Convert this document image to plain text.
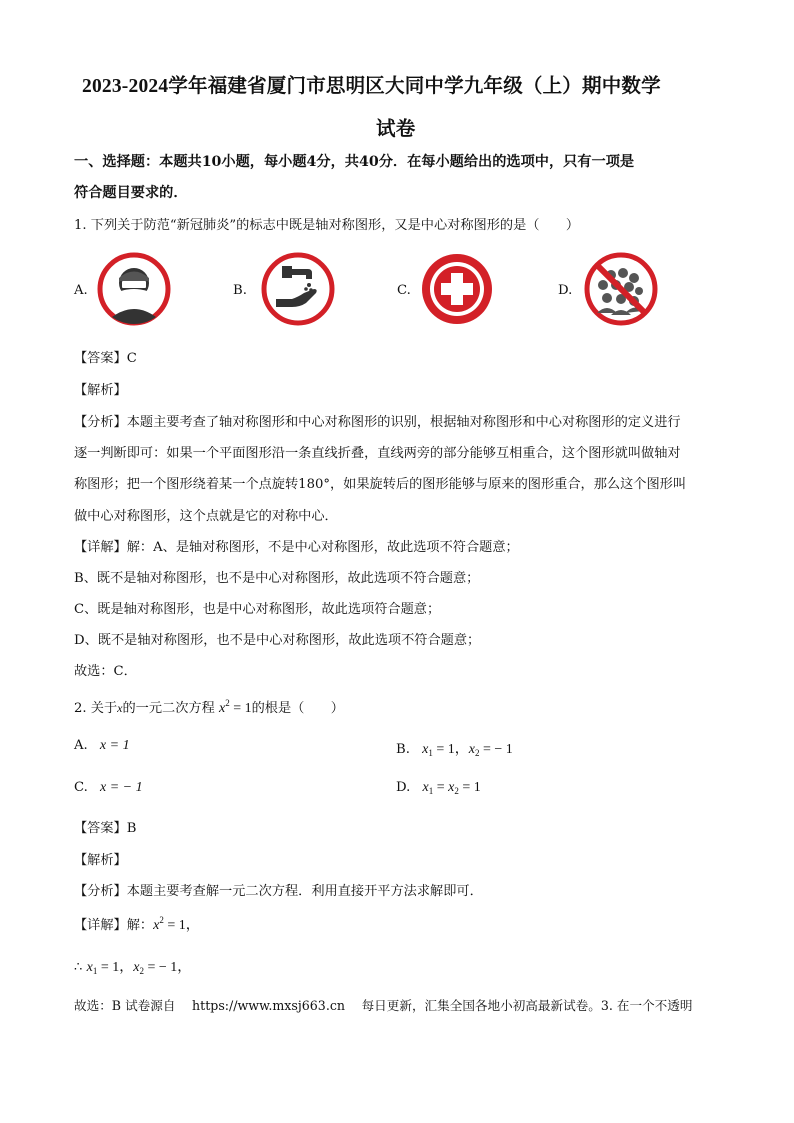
2023-2024学年福建省厦门市思明区大同中学九年级（上）期中数学
试卷
一、选择题：本题共10小题，每小题4分，共40分．在每小题给出的选项中，只有一项是
符合题目要求的．
1. 下列关于防范“新冠肺炎”的标志中既是轴对称图形，又是中心对称图形的是（　　）
A.	B.	C.	D.
【答案】C
【解析】
【分析】本题主要考查了轴对称图形和中心对称图形的识别，根据轴对称图形和中心对称图形的定义进行
逐一判断即可：如果一个平面图形沿一条直线折叠，直线两旁的部分能够互相重合，这个图形就叫做轴对
称图形；把一个图形绕着某一个点旋转180°，如果旋转后的图形能够与原来的图形重合，那么这个图形叫
做中心对称图形，这个点就是它的对称中心．
【详解】解：A、是轴对称图形，不是中心对称图形，故此选项不符合题意；
B、既不是轴对称图形，也不是中心对称图形，故此选项不符合题意；
C、既是轴对称图形，也是中心对称图形，故此选项符合题意；
D、既不是轴对称图形，也不是中心对称图形，故此选项不符合题意；
故选：C．
2. 关于x的一元二次方程 $x^2 = 1$的根是（　　）
A. x = 1	B. $x_1 = 1$，$x_2$ = − 1
C. x = − 1	D. $x_1 = x_2 = 1$
【答案】B
【解析】
【分析】本题主要考查解一元二次方程．利用直接开平方法求解即可．
【详解】解：$x^2 = 1$，
∴ $x_1 = 1$，$x_2$ = − 1，
故选：B 试卷源自　 https://www.mxsj663.cn　 每日更新，汇集全国各地小初高最新试卷。3. 在一个不透明
